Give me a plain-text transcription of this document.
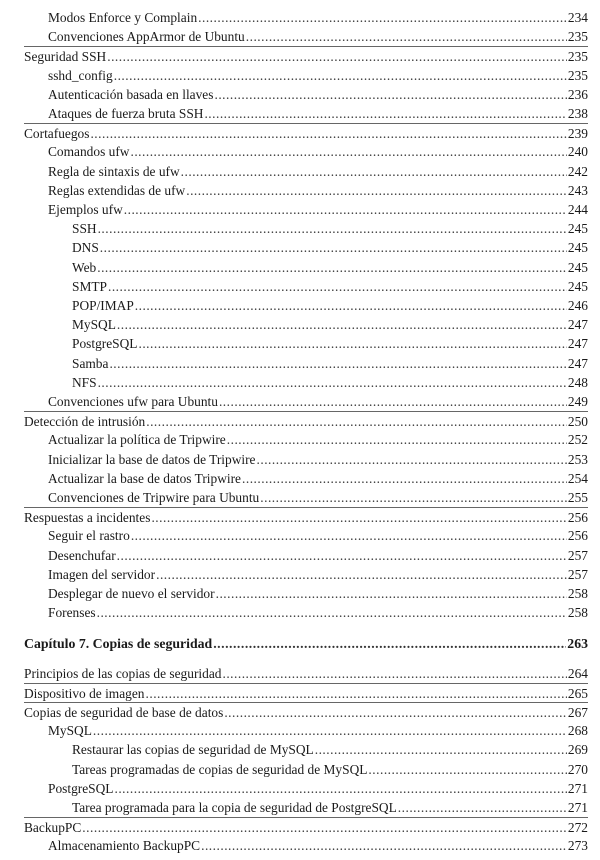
Modos Enforce y Complain .....	234
Convenciones AppArmor de Ubuntu .....	235
Seguridad SSH .....	235
sshd_config .....	235
Autenticación basada en llaves .....	236
Ataques de fuerza bruta SSH .....	238
Cortafuegos .....	239
Comandos ufw .....	240
Regla de sintaxis de ufw .....	242
Reglas extendidas de ufw .....	243
Ejemplos ufw .....	244
SSH .....	245
DNS .....	245
Web .....	245
SMTP .....	245
POP/IMAP .....	246
MySQL .....	247
PostgreSQL .....	247
Samba .....	247
NFS .....	248
Convenciones ufw para Ubuntu .....	249
Detección de intrusión .....	250
Actualizar la política de Tripwire .....	252
Inicializar la base de datos de Tripwire .....	253
Actualizar la base de datos Tripwire .....	254
Convenciones de Tripwire para Ubuntu .....	255
Respuestas a incidentes .....	256
Seguir el rastro .....	256
Desenchufar .....	257
Imagen del servidor .....	257
Desplegar de nuevo el servidor .....	258
Forenses .....	258
Capítulo 7. Copias de seguridad .....	263
Principios de las copias de seguridad .....	264
Dispositivo de imagen .....	265
Copias de seguridad de base de datos .....	267
MySQL .....	268
Restaurar las copias de seguridad de MySQL .....	269
Tareas programadas de copias de seguridad de MySQL .....	270
PostgreSQL .....	271
Tarea programada para la copia de seguridad de PostgreSQL .....	271
BackupPC .....	272
Almacenamiento BackupPC .....	273
